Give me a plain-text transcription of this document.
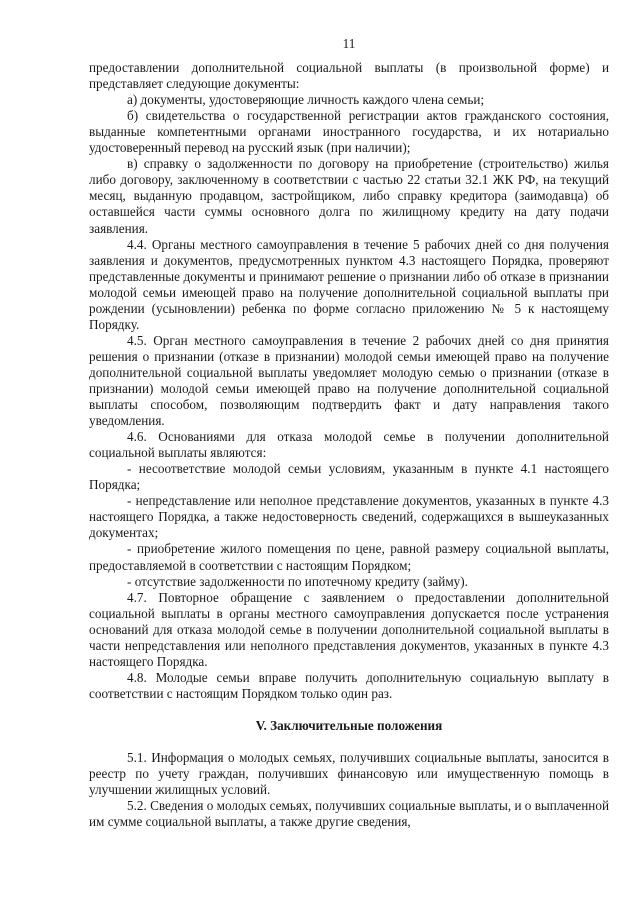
11

предоставлении дополнительной социальной выплаты (в произвольной форме) и представляет следующие документы:

а) документы, удостоверяющие личность каждого члена семьи;

б) свидетельства о государственной регистрации актов гражданского состояния, выданные компетентными органами иностранного государства, и их нотариально удостоверенный перевод на русский язык (при наличии);

в) справку о задолженности по договору на приобретение (строительство) жилья либо договору, заключенному в соответствии с частью 22 статьи 32.1 ЖК РФ, на текущий месяц, выданную продавцом, застройщиком, либо справку кредитора (заимодавца) об оставшейся части суммы основного долга по жилищному кредиту на дату подачи заявления.

4.4. Органы местного самоуправления в течение 5 рабочих дней со дня получения заявления и документов, предусмотренных пунктом 4.3 настоящего Порядка, проверяют представленные документы и принимают решение о признании либо об отказе в признании молодой семьи имеющей право на получение дополнительной социальной выплаты при рождении (усыновлении) ребенка по форме согласно приложению № 5 к настоящему Порядку.

4.5. Орган местного самоуправления в течение 2 рабочих дней со дня принятия решения о признании (отказе в признании) молодой семьи имеющей право на получение дополнительной социальной выплаты уведомляет молодую семью о признании (отказе в признании) молодой семьи имеющей право на получение дополнительной социальной выплаты способом, позволяющим подтвердить факт и дату направления такого уведомления.

4.6. Основаниями для отказа молодой семье в получении дополнительной социальной выплаты являются:

- несоответствие молодой семьи условиям, указанным в пункте 4.1 настоящего Порядка;

- непредставление или неполное представление документов, указанных в пункте 4.3 настоящего Порядка, а также недостоверность сведений, содержащихся в вышеуказанных документах;

- приобретение жилого помещения по цене, равной размеру социальной выплаты, предоставляемой в соответствии с настоящим Порядком;

- отсутствие задолженности по ипотечному кредиту (займу).

4.7. Повторное обращение с заявлением о предоставлении дополнительной социальной выплаты в органы местного самоуправления допускается после устранения оснований для отказа молодой семье в получении дополнительной социальной выплаты в части непредставления или неполного представления документов, указанных в пункте 4.3 настоящего Порядка.

4.8. Молодые семьи вправе получить дополнительную социальную выплату в соответствии с настоящим Порядком только один раз.

V. Заключительные положения

5.1. Информация о молодых семьях, получивших социальные выплаты, заносится в реестр по учету граждан, получивших финансовую или имущественную помощь в улучшении жилищных условий.

5.2. Сведения о молодых семьях, получивших социальные выплаты, и о выплаченной им сумме социальной выплаты, а также другие сведения,
